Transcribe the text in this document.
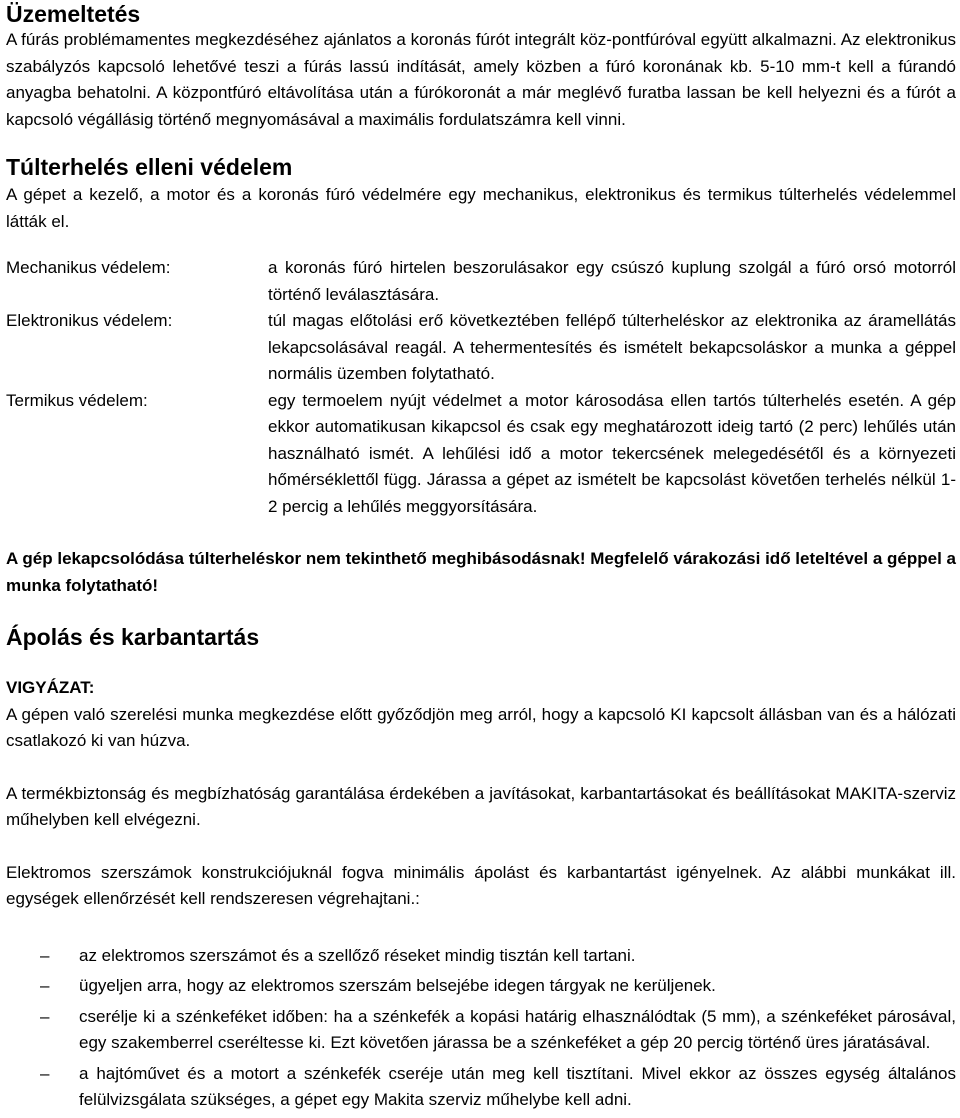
Üzemeltetés

A fúrás problémamentes megkezdéséhez ajánlatos a koronás fúrót integrált köz-pontfúróval együtt alkalmazni. Az elektronikus szabályzós kapcsoló lehetővé teszi a fúrás lassú indítását, amely közben a fúró koronának kb. 5-10 mm-t kell a fúrandó anyagba behatolni. A központfúró eltávolítása után a fúrókoronát a már meglévő furatba lassan be kell helyezni és a fúrót a kapcsoló végállásig történő megnyomásával a maximális fordulatszámra kell vinni.

Túlterhelés elleni védelem

A gépet a kezelő, a motor és a koronás fúró védelmére egy mechanikus, elektronikus és termikus túlterhelés védelemmel látták el.

Mechanikus védelem:	a koronás fúró hirtelen beszorulásakor egy csúszó kuplung szolgál a fúró orsó motorról történő leválasztására.
Elektronikus védelem:	túl magas előtolási erő következtében fellépő túlterheléskor az elektronika az áramellátás lekapcsolásával reagál. A tehermentesítés és ismételt bekapcsoláskor a munka a géppel normális üzemben folytatható.
Termikus védelem:	egy termoelem nyújt védelmet a motor károsodása ellen tartós túlterhelés esetén. A gép ekkor automatikusan kikapcsol és csak egy meghatározott ideig tartó (2 perc) lehűlés után használható ismét. A lehűlési idő a motor tekercsének melegedésétől és a környezeti hőmérséklettől függ. Járassa a gépet az ismételt be kapcsolást követően terhelés nélkül 1-2 percig a lehűlés meggyorsítására.

A gép lekapcsolódása túlterheléskor nem tekinthető meghibásodásnak! Megfelelő várakozási idő leteltével a géppel a munka folytatható!

Ápolás és karbantartás
VIGYÁZAT:

A gépen való szerelési munka megkezdése előtt győződjön meg arról, hogy a kapcsoló KI kapcsolt állásban van és a hálózati csatlakozó ki van húzva.

A termékbiztonság és megbízhatóság garantálása érdekében a javításokat, karbantartásokat és beállításokat MAKITA-szerviz műhelyben kell elvégezni.

Elektromos szerszámok konstrukciójuknál fogva minimális ápolást és karbantartást igényelnek. Az alábbi munkákat ill. egységek ellenőrzését kell rendszeresen végrehajtani.:

– az elektromos szerszámot és a szellőző réseket mindig tisztán kell tartani.
– ügyeljen arra, hogy az elektromos szerszám belsejébe idegen tárgyak ne kerüljenek.
– cserélje ki a szénkeféket időben: ha a szénkefék a kopási határig elhasználódtak (5 mm), a szénkeféket párosával, egy szakemberrel cseréltesse ki. Ezt követően járassa be a szénkeféket a gép 20 percig történő üres járatásával.
– a hajtóművet és a motort a szénkefék cseréje után meg kell tisztítani. Mivel ekkor az összes egység általános felülvizsgálata szükséges, a gépet egy Makita szerviz műhelybe kell adni.
